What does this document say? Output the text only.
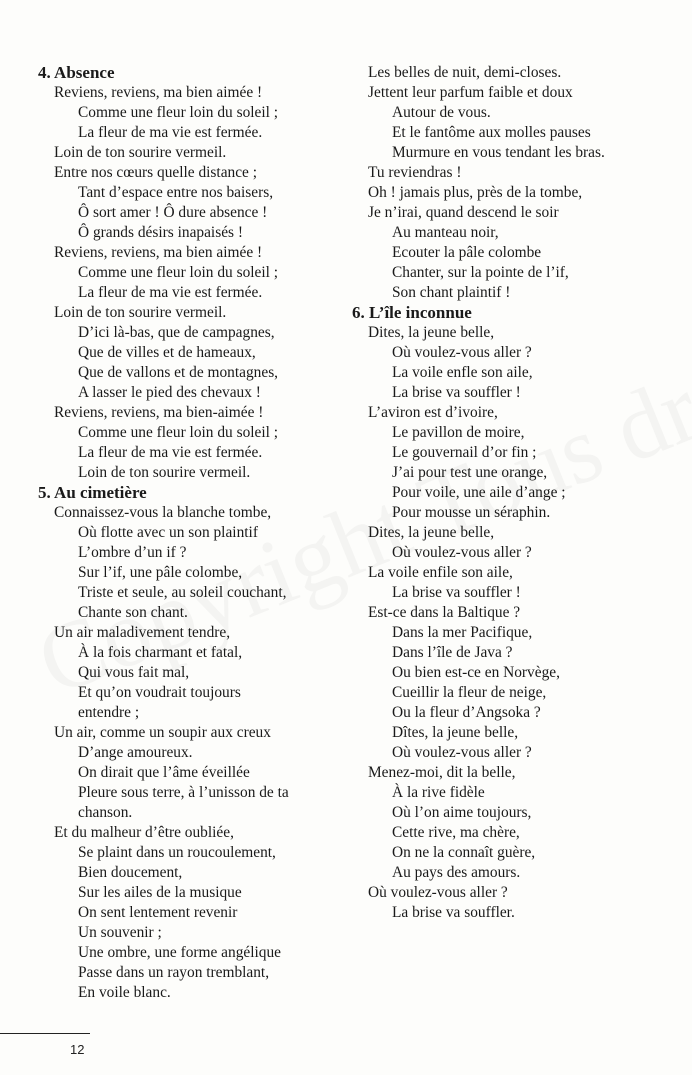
4. Absence
Reviens, reviens, ma bien aimée !
Comme une fleur loin du soleil ;
La fleur de ma vie est fermée.
Loin de ton sourire vermeil.
Entre nos cœurs quelle distance ;
Tant d’espace entre nos baisers,
Ô sort amer ! Ô dure absence !
Ô grands désirs inapaisés !
Reviens, reviens, ma bien aimée !
Comme une fleur loin du soleil ;
La fleur de ma vie est fermée.
Loin de ton sourire vermeil.
D’ici là-bas, que de campagnes,
Que de villes et de hameaux,
Que de vallons et de montagnes,
A lasser le pied des chevaux !
Reviens, reviens, ma bien-aimée !
Comme une fleur loin du soleil ;
La fleur de ma vie est fermée.
Loin de ton sourire vermeil.
5. Au cimetière
Connaissez-vous la blanche tombe,
Où flotte avec un son plaintif
L’ombre d’un if ?
Sur l’if, une pâle colombe,
Triste et seule, au soleil couchant,
Chante son chant.
Un air maladivement tendre,
À la fois charmant et fatal,
Qui vous fait mal,
Et qu’on voudrait toujours
entendre ;
Un air, comme un soupir aux creux
D’ange amoureux.
On dirait que l’âme éveillée
Pleure sous terre, à l’unisson de ta
chanson.
Et du malheur d’être oubliée,
Se plaint dans un roucoulement,
Bien doucement,
Sur les ailes de la musique
On sent lentement revenir
Un souvenir ;
Une ombre, une forme angélique
Passe dans un rayon tremblant,
En voile blanc.
Les belles de nuit, demi-closes.
Jettent leur parfum faible et doux
Autour de vous.
Et le fantôme aux molles pauses
Murmure en vous tendant les bras.
Tu reviendras !
Oh ! jamais plus, près de la tombe,
Je n’irai, quand descend le soir
Au manteau noir,
Ecouter la pâle colombe
Chanter, sur la pointe de l’if,
Son chant plaintif !
6. L’île inconnue
Dites, la jeune belle,
Où voulez-vous aller ?
La voile enfle son aile,
La brise va souffler !
L’aviron est d’ivoire,
Le pavillon de moire,
Le gouvernail d’or fin ;
J’ai pour test une orange,
Pour voile, une aile d’ange ;
Pour mousse un séraphin.
Dites, la jeune belle,
Où voulez-vous aller ?
La voile enfile son aile,
La brise va souffler !
Est-ce dans la Baltique ?
Dans la mer Pacifique,
Dans l’île de Java ?
Ou bien est-ce en Norvège,
Cueillir la fleur de neige,
Ou la fleur d’Angsoka ?
Dîtes, la jeune belle,
Où voulez-vous aller ?
Menez-moi, dit la belle,
À la rive fidèle
Où l’on aime toujours,
Cette rive, ma chère,
On ne la connaît guère,
Au pays des amours.
Où voulez-vous aller ?
La brise va souffler.
12
